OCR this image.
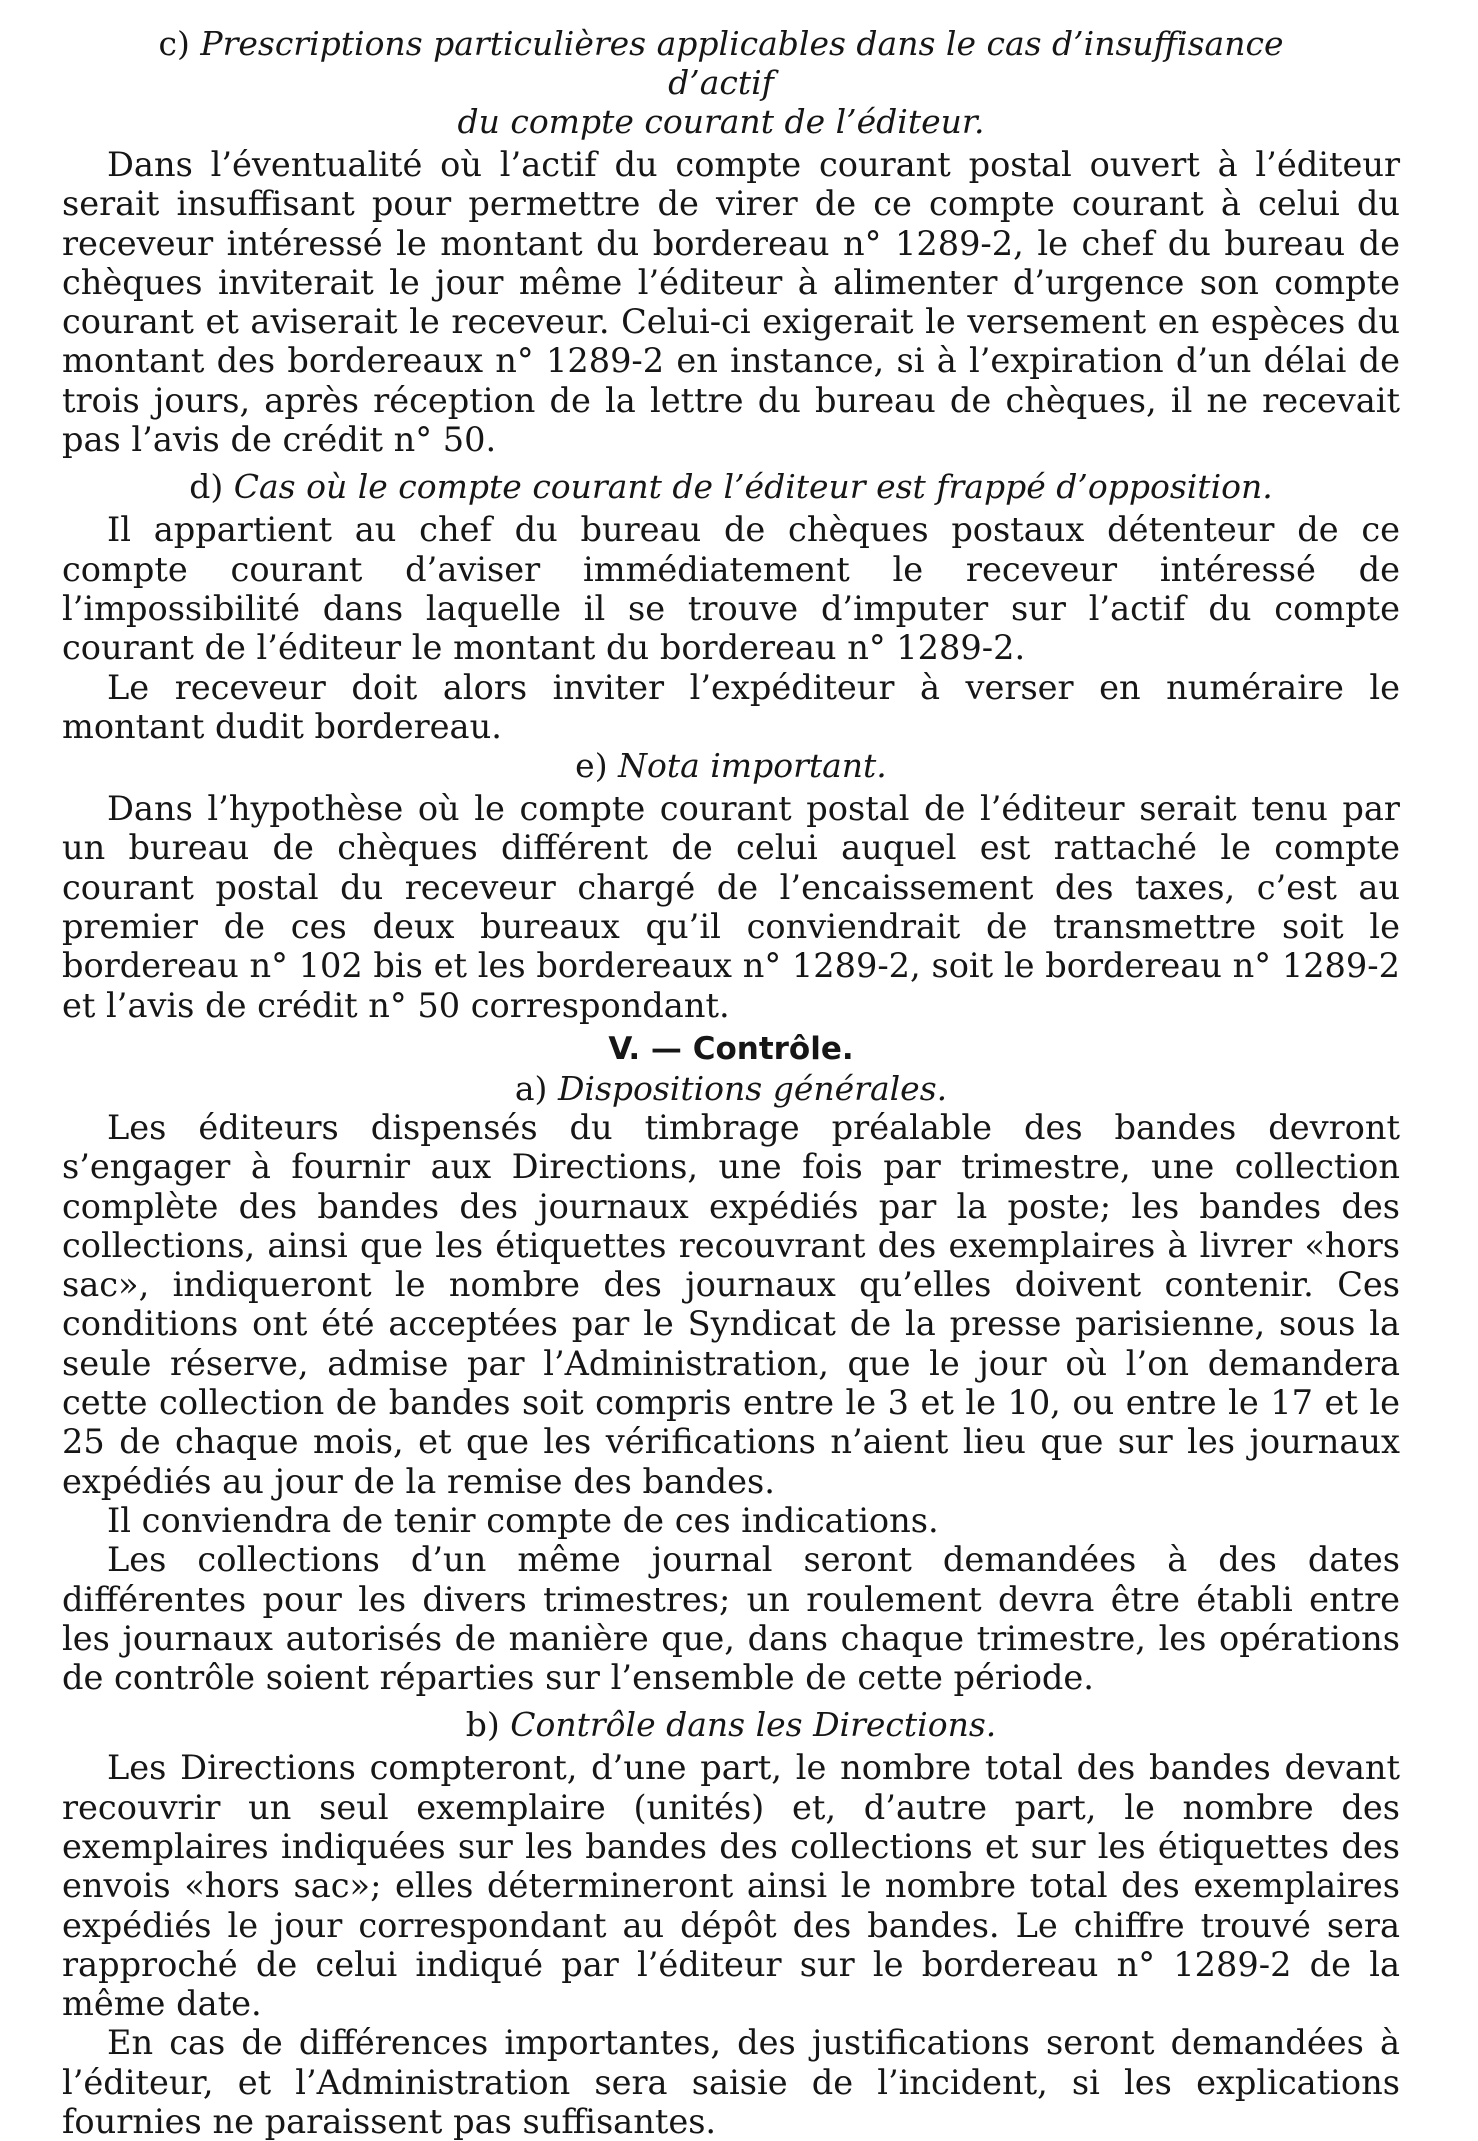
c) Prescriptions particulières applicables dans le cas d’insuffisance d’actif
du compte courant de l’éditeur.

Dans l’éventualité où l’actif du compte courant postal ouvert à l’éditeur serait insuffisant pour permettre de virer de ce compte courant à celui du receveur intéressé le montant du bordereau n° 1289-2, le chef du bureau de chèques inviterait le jour même l’éditeur à alimenter d’urgence son compte courant et aviserait le receveur. Celui-ci exigerait le versement en espèces du montant des bordereaux n° 1289-2 en instance, si à l’expiration d’un délai de trois jours, après réception de la lettre du bureau de chèques, il ne recevait pas l’avis de crédit n° 50.

d) Cas où le compte courant de l’éditeur est frappé d’opposition.

Il appartient au chef du bureau de chèques postaux détenteur de ce compte courant d’aviser immédiatement le receveur intéressé de l’impossibilité dans laquelle il se trouve d’imputer sur l’actif du compte courant de l’éditeur le montant du bordereau n° 1289-2.

Le receveur doit alors inviter l’expéditeur à verser en numéraire le montant dudit bordereau.

e) Nota important.

Dans l’hypothèse où le compte courant postal de l’éditeur serait tenu par un bureau de chèques différent de celui auquel est rattaché le compte courant postal du receveur chargé de l’encaissement des taxes, c’est au premier de ces deux bureaux qu’il conviendrait de transmettre soit le bordereau n° 102 bis et les bordereaux n° 1289-2, soit le bordereau n° 1289-2 et l’avis de crédit n° 50 correspondant.

V. — Contrôle.

a) Dispositions générales.

Les éditeurs dispensés du timbrage préalable des bandes devront s’engager à fournir aux Directions, une fois par trimestre, une collection complète des bandes des journaux expédiés par la poste; les bandes des collections, ainsi que les étiquettes recouvrant des exemplaires à livrer «hors sac», indiqueront le nombre des journaux qu’elles doivent contenir. Ces conditions ont été acceptées par le Syndicat de la presse parisienne, sous la seule réserve, admise par l’Administration, que le jour où l’on demandera cette collection de bandes soit compris entre le 3 et le 10, ou entre le 17 et le 25 de chaque mois, et que les vérifications n’aient lieu que sur les journaux expédiés au jour de la remise des bandes.

Il conviendra de tenir compte de ces indications.

Les collections d’un même journal seront demandées à des dates différentes pour les divers trimestres; un roulement devra être établi entre les journaux autorisés de manière que, dans chaque trimestre, les opérations de contrôle soient réparties sur l’ensemble de cette période.

b) Contrôle dans les Directions.

Les Directions compteront, d’une part, le nombre total des bandes devant recouvrir un seul exemplaire (unités) et, d’autre part, le nombre des exemplaires indiquées sur les bandes des collections et sur les étiquettes des envois «hors sac»; elles détermineront ainsi le nombre total des exemplaires expédiés le jour correspondant au dépôt des bandes. Le chiffre trouvé sera rapproché de celui indiqué par l’éditeur sur le bordereau n° 1289-2 de la même date.

En cas de différences importantes, des justifications seront demandées à l’éditeur, et l’Administration sera saisie de l’incident, si les explications fournies ne paraissent pas suffisantes.
